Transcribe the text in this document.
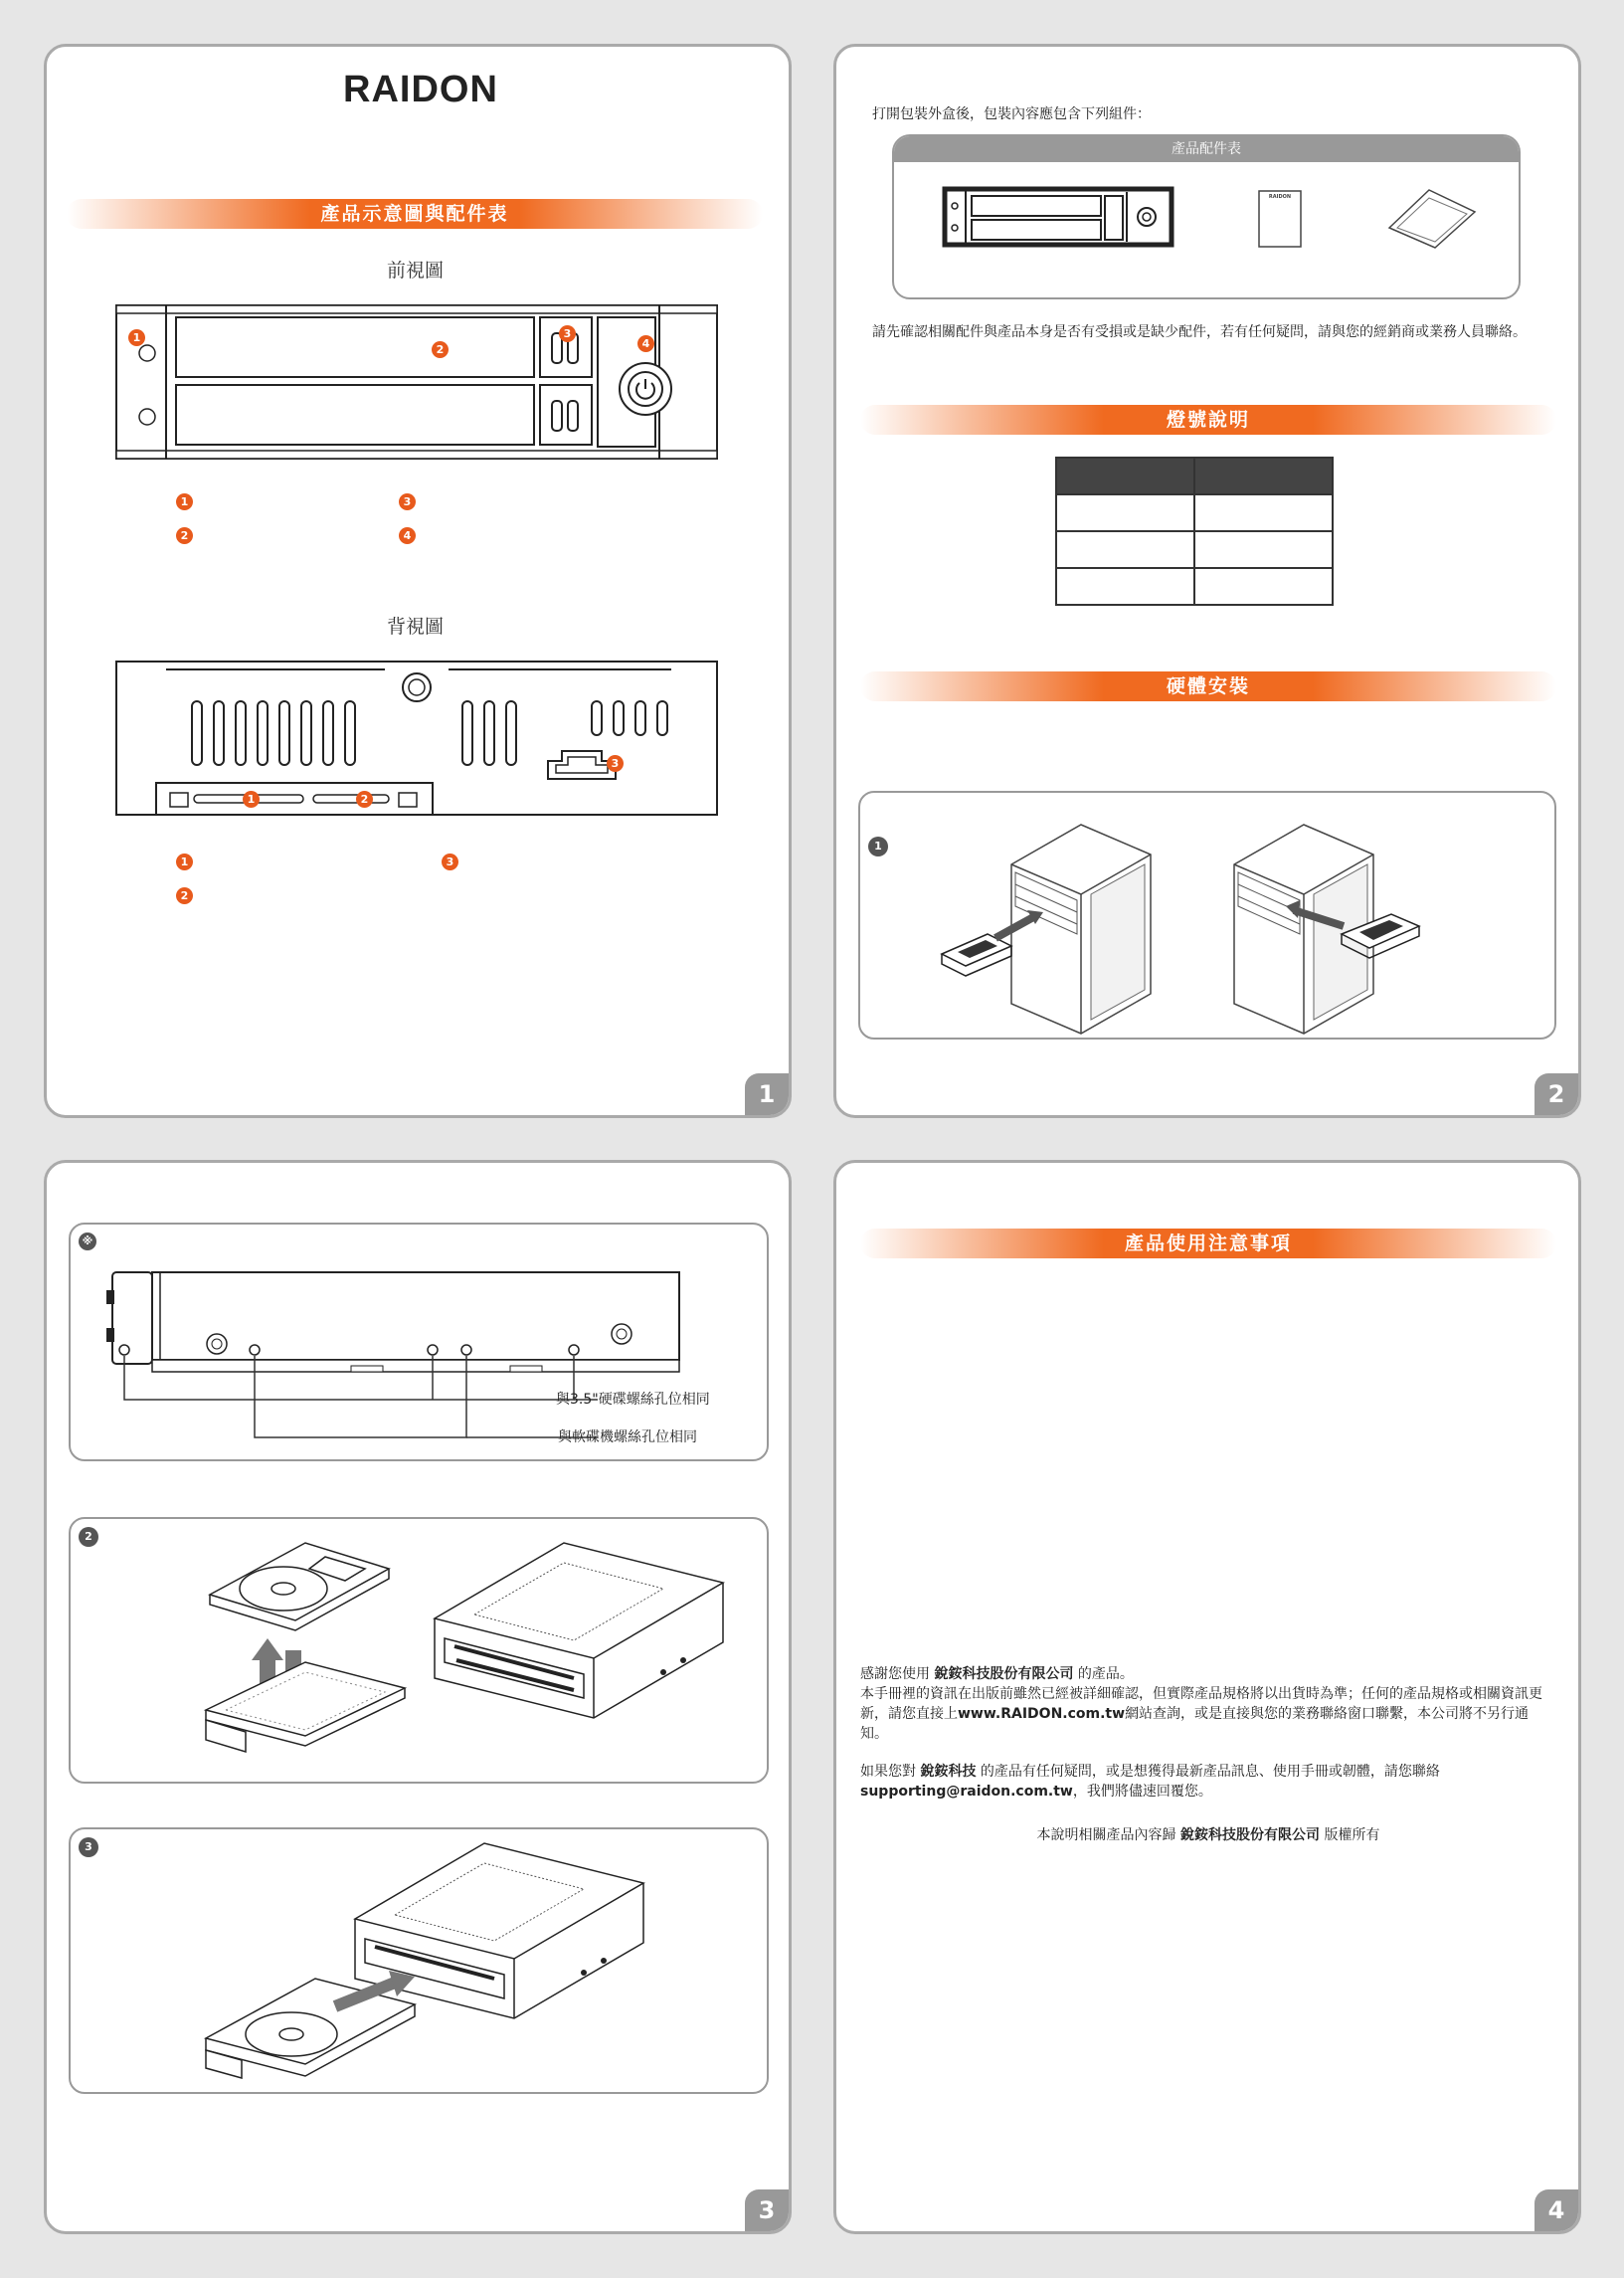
RAIDON
產品示意圖與配件表
前視圖
1
2
3
4
1
2
3
4
背視圖
1	2
3
1
2
3
1
打開包裝外盒後，包裝內容應包含下列組件：
產品配件表
RAIDON
請先確認相關配件與產品本身是否有受損或是缺少配件，若有任何疑問，請與您的經銷商或業務人員聯絡。
燈號說明

硬體安裝
1
2
※
與3.5"硬碟螺絲孔位相同
與軟碟機螺絲孔位相同
2
3
3
產品使用注意事項
感謝您使用 銳銨科技股份有限公司 的產品。
本手冊裡的資訊在出版前雖然已經被詳細確認，但實際產品規格將以出貨時為準；任何的產品規格或相關資訊更新，請您直接上www.RAIDON.com.tw網站查詢，或是直接與您的業務聯絡窗口聯繫，本公司將不另行通知。
如果您對 銳銨科技 的產品有任何疑問，或是想獲得最新產品訊息、使用手冊或韌體，請您聯絡
supporting@raidon.com.tw，我們將儘速回覆您。
本說明相關產品內容歸 銳銨科技股份有限公司 版權所有
4
